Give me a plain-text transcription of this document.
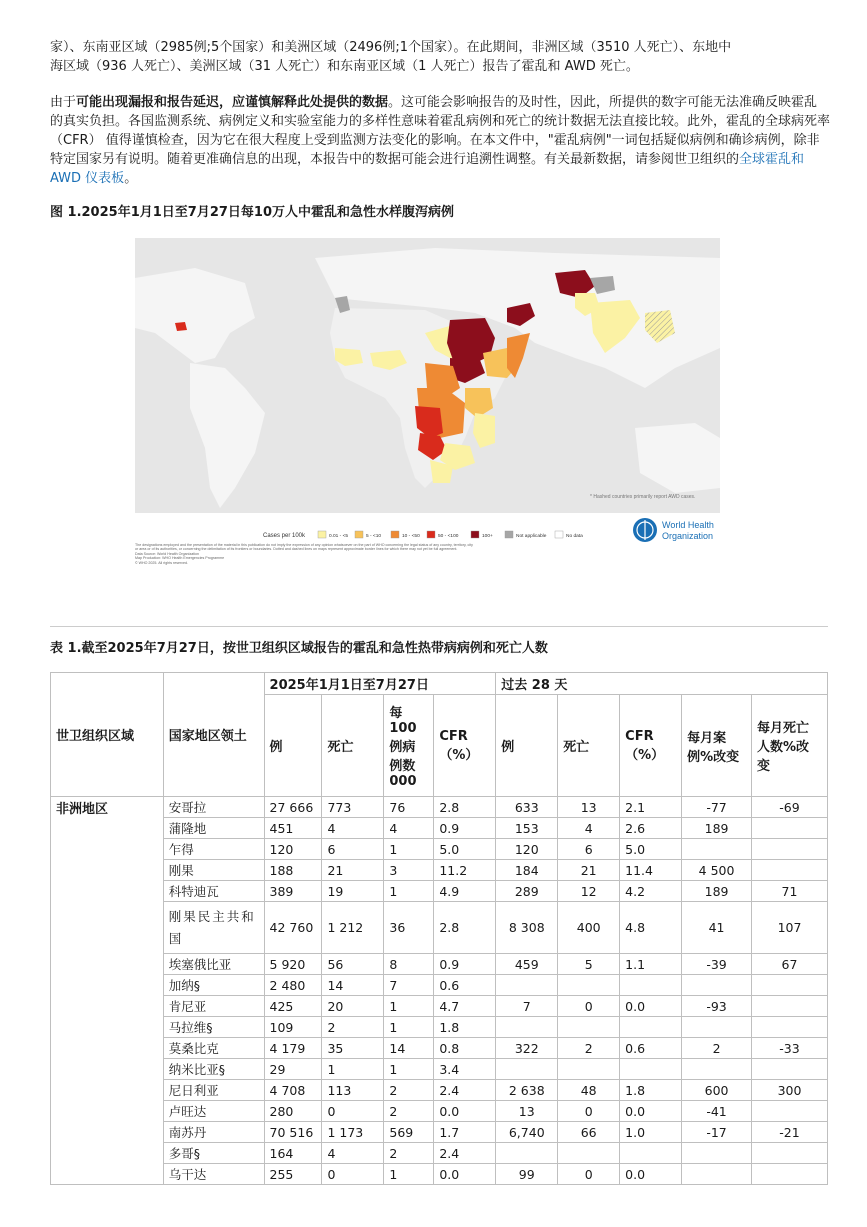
家）、东南亚区域（2985例;5个国家）和美洲区域（2496例;1个国家）。在此期间，非洲区域（3510 人死亡）、东地中
海区域（936 人死亡）、美洲区域（31 人死亡）和东南亚区域（1 人死亡）报告了霍乱和 AWD 死亡。
由于可能出现漏报和报告延迟，应谨慎解释此处提供的数据。这可能会影响报告的及时性，因此，所提供的数字可能无法准确反映霍乱的真实负担。各国监测系统、病例定义和实验室能力的多样性意味着霍乱病例和死亡的统计数据无法直接比较。此外，霍乱的全球病死率 （CFR） 值得谨慎检查，因为它在很大程度上受到监测方法变化的影响。在本文件中，"霍乱病例"一词包括疑似病例和确诊病例，除非特定国家另有说明。随着更准确信息的出现，本报告中的数据可能会进行追溯性调整。有关最新数据，请参阅世卫组织的全球霍乱和 AWD 仪表板。
图 1.2025年1月1日至7月27日每10万人中霍乱和急性水样腹泻病例
* Hashed countries primarily report AWD cases.
Cases per 100k	0.01 - <5	5 - <10	10 - <50	50 - <100	100+	Not applicable	No data
World Health
Organization
The designations employed and the presentation of the material in this publication do not imply the expression of any opinion whatsoever on the part of WHO concerning the legal status of any country, territory, city or area or of its authorities, or concerning the delimitation of its frontiers or boundaries. Dotted and dashed lines on maps represent approximate border lines for which there may not yet be full agreement.
Data Source: World Health Organization
Map Production: WHO Health Emergencies Programme
© WHO 2025. All rights reserved.
表 1.截至2025年7月27日，按世卫组织区域报告的霍乱和急性热带病病例和死亡人数
世卫组织区域	国家地区领土	2025年1月1日至7月27日				过去 28 天				
		例	死亡	每100例病例数000	CFR（%）	例	死亡	CFR（%）	每月案例%改变	每月死亡人数%改变
非洲地区	安哥拉	27 666	773	76	2.8	633	13	2.1	-77	-69
	蒲隆地	451	4	4	0.9	153	4	2.6	189	
	乍得	120	6	1	5.0	120	6	5.0		
	刚果	188	21	3	11.2	184	21	11.4	4 500	
	科特迪瓦	389	19	1	4.9	289	12	4.2	189	71
	刚果民主共和国	42 760	1 212	36	2.8	8 308	400	4.8	41	107
	埃塞俄比亚	5 920	56	8	0.9	459	5	1.1	-39	67
	加纳§	2 480	14	7	0.6					
	肯尼亚	425	20	1	4.7	7	0	0.0	-93	
	马拉维§	109	2	1	1.8					
	莫桑比克	4 179	35	14	0.8	322	2	0.6	2	-33
	纳米比亚§	29	1	1	3.4					
	尼日利亚	4 708	113	2	2.4	2 638	48	1.8	600	300
	卢旺达	280	0	2	0.0	13	0	0.0	-41	
	南苏丹	70 516	1 173	569	1.7	6,740	66	1.0	-17	-21
	多哥§	164	4	2	2.4					
	乌干达	255	0	1	0.0	99	0	0.0		
